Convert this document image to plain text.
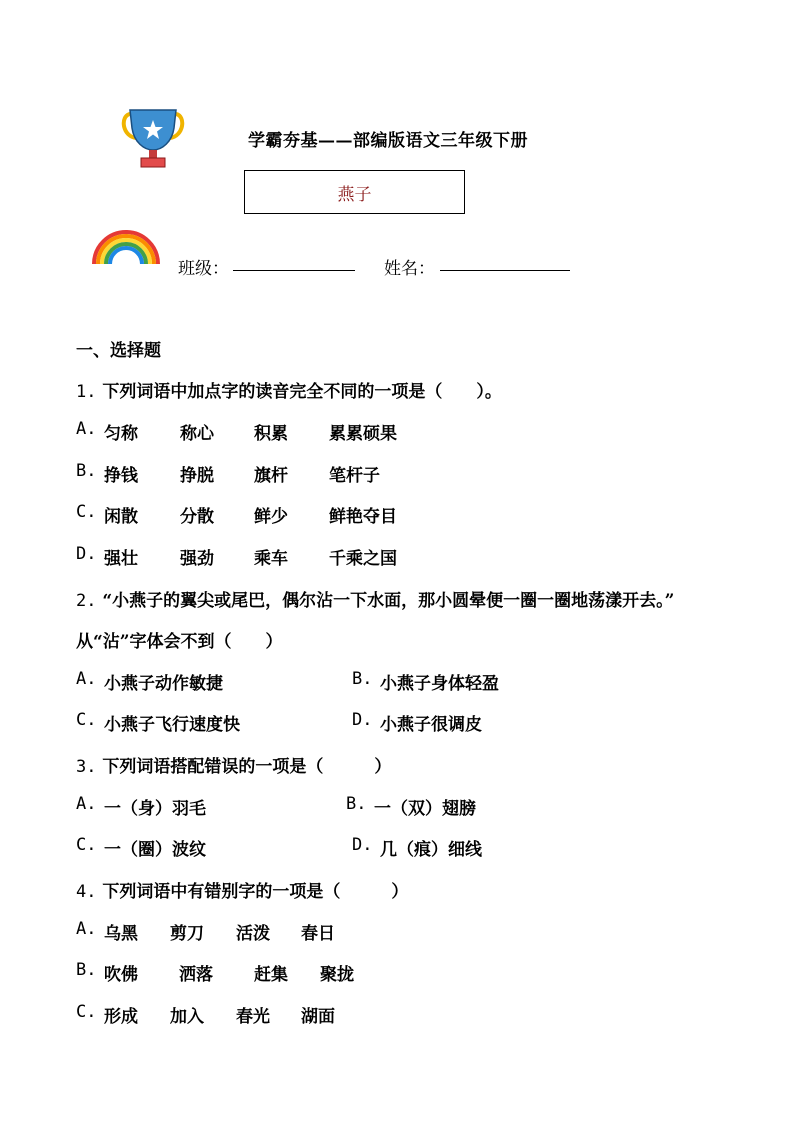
学霸夯基——部编版语文三年级下册
燕子
班级：	姓名：
一、选择题
1. 下列词语中加点字的读音完全不同的一项是（　　）。
A. 匀称 称心 积累 累累硕果
B. 挣钱 挣脱 旗杆 笔杆子
C. 闲散 分散 鲜少 鲜艳夺目
D. 强壮 强劲 乘车 千乘之国
2. “小燕子的翼尖或尾巴，偶尔沾一下水面，那小圆晕便一圈一圈地荡漾开去。”
从“沾”字体会不到（　　）
A. 小燕子动作敏捷	B. 小燕子身体轻盈
C. 小燕子飞行速度快	D. 小燕子很调皮
3. 下列词语搭配错误的一项是（　　　）
A. 一（身）羽毛	B. 一（双）翅膀
C. 一（圈）波纹	D. 几（痕）细线
4. 下列词语中有错别字的一项是（　　　）
A. 乌黑 剪刀 活泼 春日
B. 吹佛 洒落 赶集 聚拢
C. 形成 加入 春光 湖面
